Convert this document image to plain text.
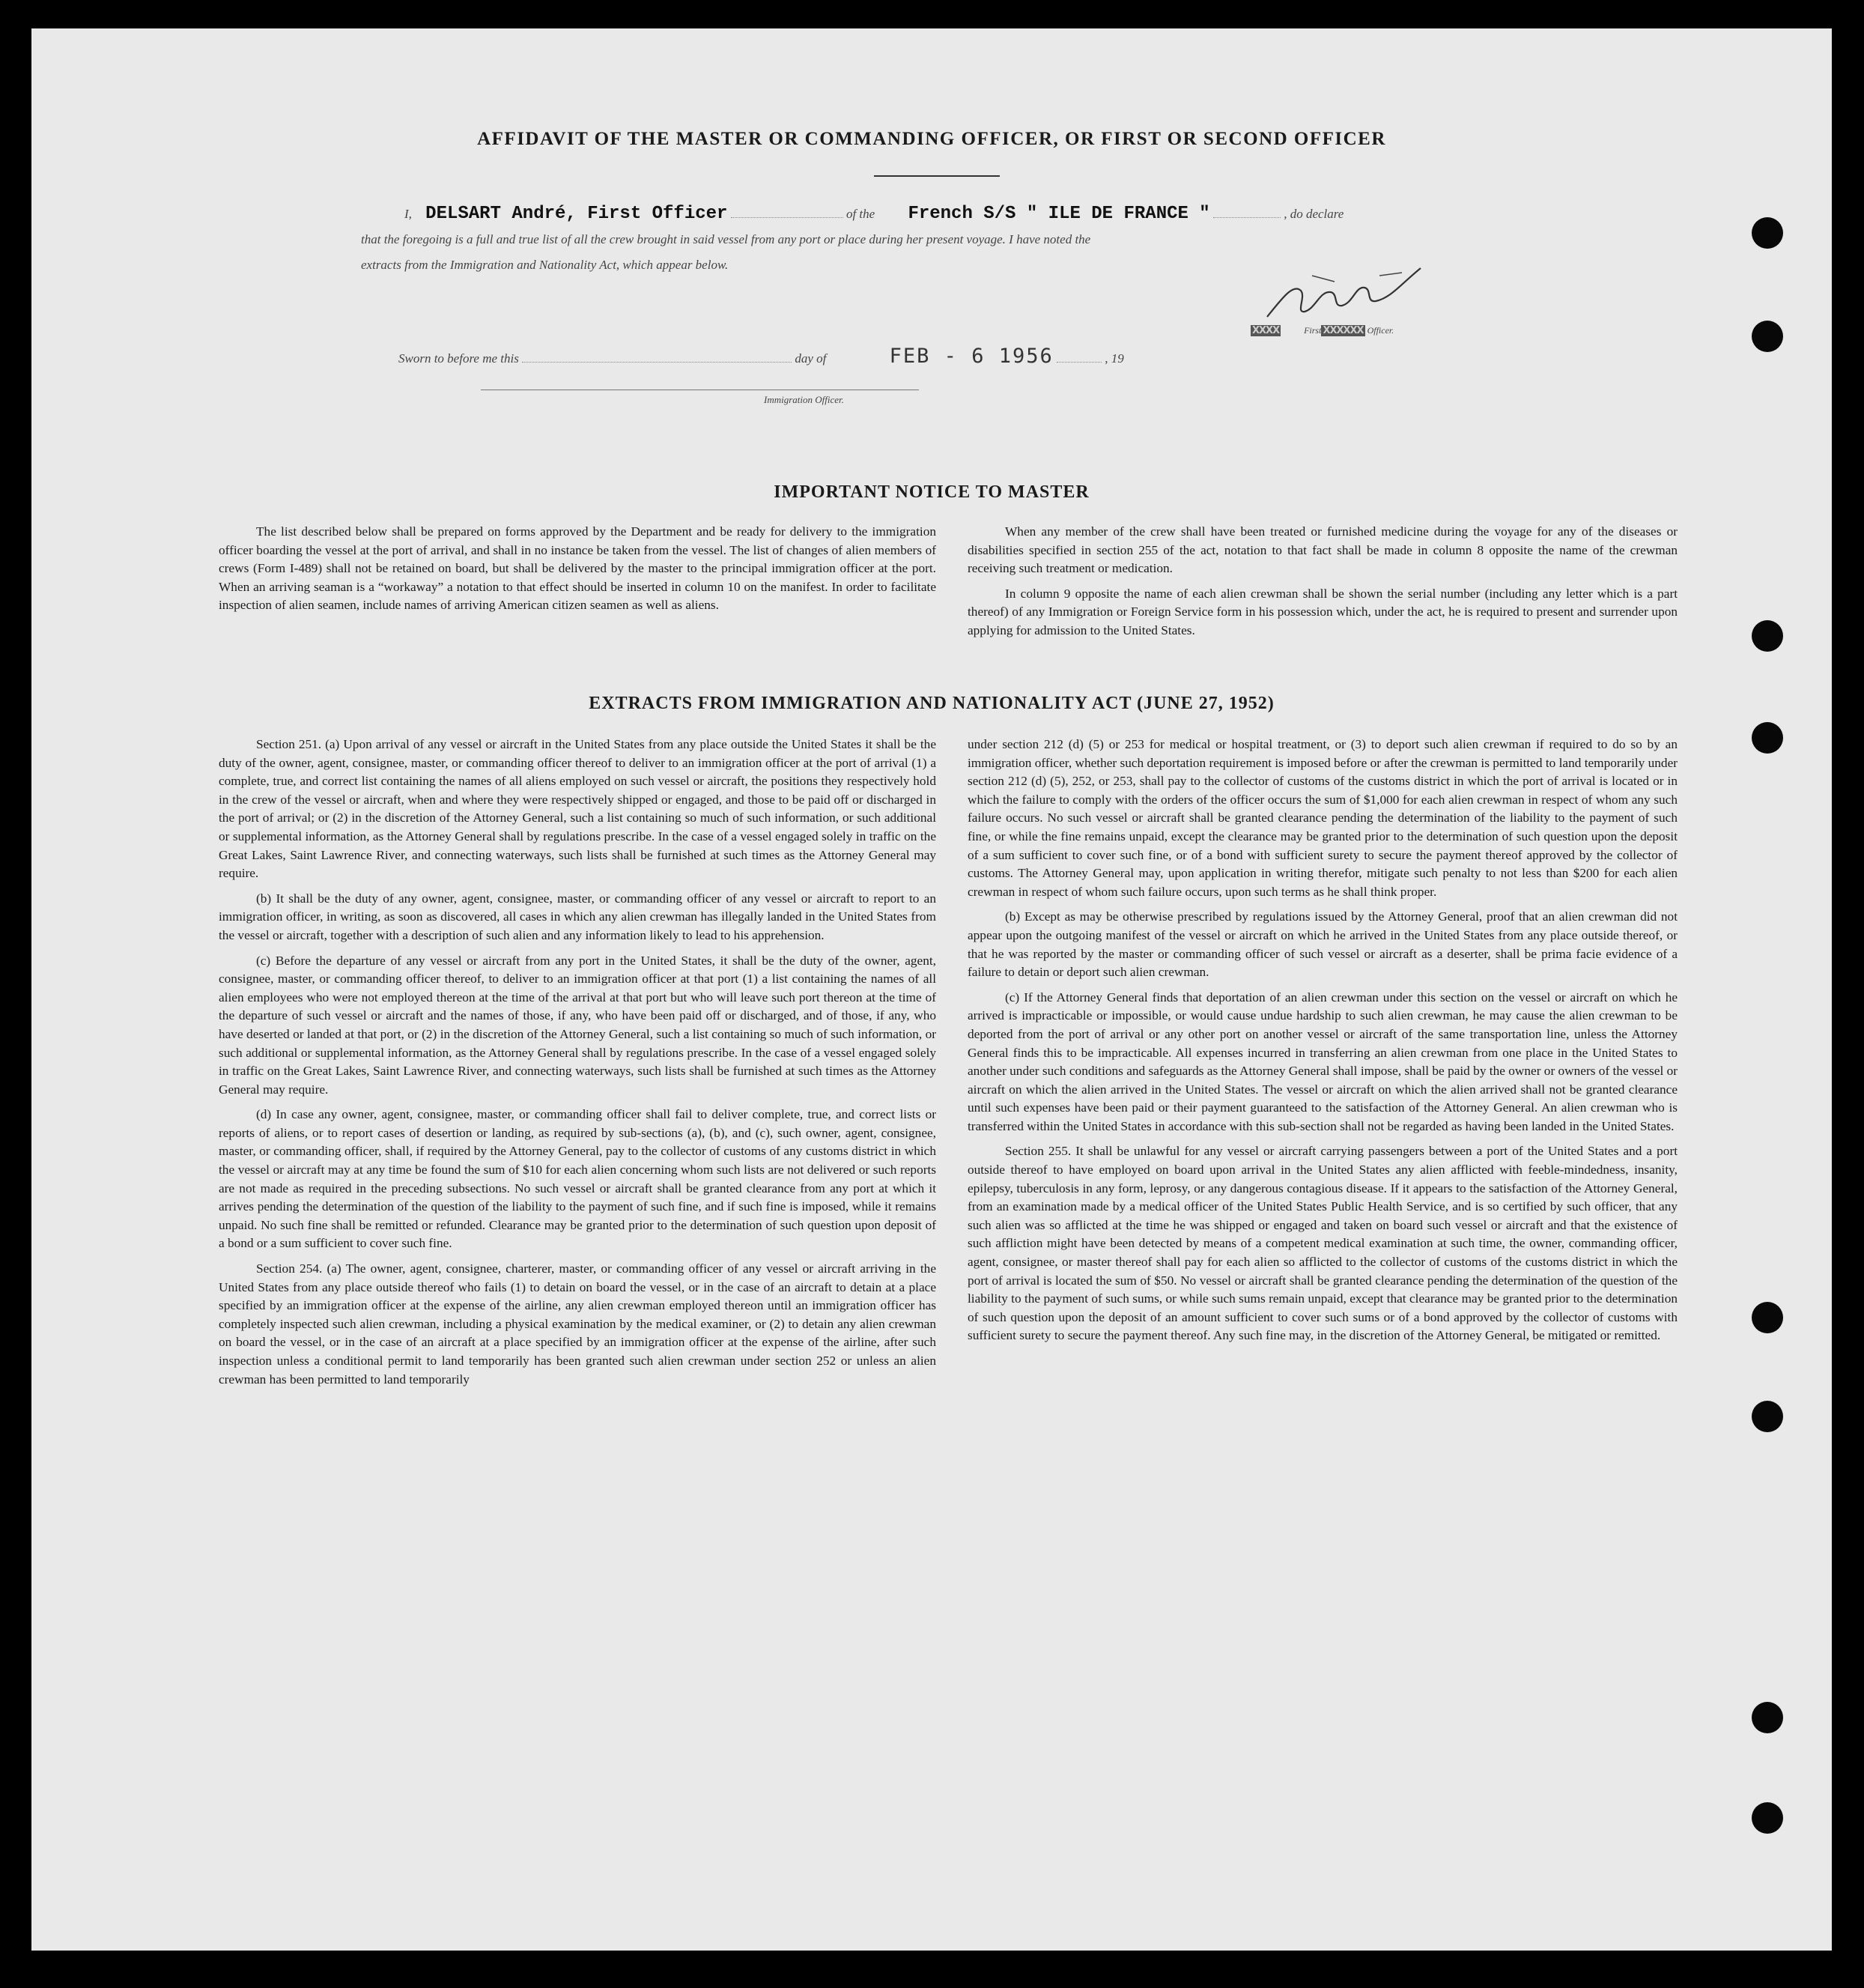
AFFIDAVIT OF THE MASTER OR COMMANDING OFFICER, OR FIRST OR SECOND OFFICER
I, DELSART André, First Officer	of the French S/S " ILE DE FRANCE "	, do declare
that the foregoing is a full and true list of all the crew brought in said vessel from any port or place during her present voyage. I have noted the
extracts from the Immigration and Nationality Act, which appear below.
XXXX	First XXXXXX Officer.
Sworn to before me this	day of	FEB - 6 1956	, 19
Immigration Officer.
IMPORTANT NOTICE TO MASTER

The list described below shall be prepared on forms approved by the Department and be ready for delivery to the immigration officer boarding the vessel at the port of arrival, and shall in no instance be taken from the vessel. The list of changes of alien members of crews (Form I-489) shall not be retained on board, but shall be delivered by the master to the principal immigration officer at the port. When an arriving seaman is a “workaway” a notation to that effect should be inserted in column 10 on the manifest. In order to facilitate inspection of alien seamen, include names of arriving American citizen seamen as well as aliens.

When any member of the crew shall have been treated or furnished medicine during the voyage for any of the diseases or disabilities specified in section 255 of the act, notation to that fact shall be made in column 8 opposite the name of the crewman receiving such treatment or medication.

In column 9 opposite the name of each alien crewman shall be shown the serial number (including any letter which is a part thereof) of any Immigration or Foreign Service form in his possession which, under the act, he is required to present and surrender upon applying for admission to the United States.

EXTRACTS FROM IMMIGRATION AND NATIONALITY ACT (JUNE 27, 1952)

Section 251. (a) Upon arrival of any vessel or aircraft in the United States from any place outside the United States it shall be the duty of the owner, agent, consignee, master, or commanding officer thereof to deliver to an immigration officer at the port of arrival (1) a complete, true, and correct list containing the names of all aliens employed on such vessel or aircraft, the positions they respectively hold in the crew of the vessel or aircraft, when and where they were respectively shipped or engaged, and those to be paid off or discharged in the port of arrival; or (2) in the discretion of the Attorney General, such a list containing so much of such information, or such additional or supplemental information, as the Attorney General shall by regulations prescribe. In the case of a vessel engaged solely in traffic on the Great Lakes, Saint Lawrence River, and connecting waterways, such lists shall be furnished at such times as the Attorney General may require.

(b) It shall be the duty of any owner, agent, consignee, master, or commanding officer of any vessel or aircraft to report to an immigration officer, in writing, as soon as discovered, all cases in which any alien crewman has illegally landed in the United States from the vessel or aircraft, together with a description of such alien and any information likely to lead to his apprehension.

(c) Before the departure of any vessel or aircraft from any port in the United States, it shall be the duty of the owner, agent, consignee, master, or commanding officer thereof, to deliver to an immigration officer at that port (1) a list containing the names of all alien employees who were not employed thereon at the time of the arrival at that port but who will leave such port thereon at the time of the departure of such vessel or aircraft and the names of those, if any, who have been paid off or discharged, and of those, if any, who have deserted or landed at that port, or (2) in the discretion of the Attorney General, such a list containing so much of such information, or such additional or supplemental information, as the Attorney General shall by regulations prescribe. In the case of a vessel engaged solely in traffic on the Great Lakes, Saint Lawrence River, and connecting waterways, such lists shall be furnished at such times as the Attorney General may require.

(d) In case any owner, agent, consignee, master, or commanding officer shall fail to deliver complete, true, and correct lists or reports of aliens, or to report cases of desertion or landing, as required by sub-sections (a), (b), and (c), such owner, agent, consignee, master, or commanding officer, shall, if required by the Attorney General, pay to the collector of customs of any customs district in which the vessel or aircraft may at any time be found the sum of $10 for each alien concerning whom such lists are not delivered or such reports are not made as required in the preceding subsections. No such vessel or aircraft shall be granted clearance from any port at which it arrives pending the determination of the question of the liability to the payment of such fine, and if such fine is imposed, while it remains unpaid. No such fine shall be remitted or refunded. Clearance may be granted prior to the determination of such question upon deposit of a bond or a sum sufficient to cover such fine.

Section 254. (a) The owner, agent, consignee, charterer, master, or commanding officer of any vessel or aircraft arriving in the United States from any place outside thereof who fails (1) to detain on board the vessel, or in the case of an aircraft to detain at a place specified by an immigration officer at the expense of the airline, any alien crewman employed thereon until an immigration officer has completely inspected such alien crewman, including a physical examination by the medical examiner, or (2) to detain any alien crewman on board the vessel, or in the case of an aircraft at a place specified by an immigration officer at the expense of the airline, after such inspection unless a conditional permit to land temporarily has been granted such alien crewman under section 252 or unless an alien crewman has been permitted to land temporarily

under section 212 (d) (5) or 253 for medical or hospital treatment, or (3) to deport such alien crewman if required to do so by an immigration officer, whether such deportation requirement is imposed before or after the crewman is permitted to land temporarily under section 212 (d) (5), 252, or 253, shall pay to the collector of customs of the customs district in which the port of arrival is located or in which the failure to comply with the orders of the officer occurs the sum of $1,000 for each alien crewman in respect of whom any such failure occurs. No such vessel or aircraft shall be granted clearance pending the determination of the liability to the payment of such fine, or while the fine remains unpaid, except the clearance may be granted prior to the determination of such question upon the deposit of a sum sufficient to cover such fine, or of a bond with sufficient surety to secure the payment thereof approved by the collector of customs. The Attorney General may, upon application in writing therefor, mitigate such penalty to not less than $200 for each alien crewman in respect of whom such failure occurs, upon such terms as he shall think proper.

(b) Except as may be otherwise prescribed by regulations issued by the Attorney General, proof that an alien crewman did not appear upon the outgoing manifest of the vessel or aircraft on which he arrived in the United States from any place outside thereof, or that he was reported by the master or commanding officer of such vessel or aircraft as a deserter, shall be prima facie evidence of a failure to detain or deport such alien crewman.

(c) If the Attorney General finds that deportation of an alien crewman under this section on the vessel or aircraft on which he arrived is impracticable or impossible, or would cause undue hardship to such alien crewman, he may cause the alien crewman to be deported from the port of arrival or any other port on another vessel or aircraft of the same transportation line, unless the Attorney General finds this to be impracticable. All expenses incurred in transferring an alien crewman from one place in the United States to another under such conditions and safeguards as the Attorney General shall impose, shall be paid by the owner or owners of the vessel or aircraft on which the alien arrived in the United States. The vessel or aircraft on which the alien arrived shall not be granted clearance until such expenses have been paid or their payment guaranteed to the satisfaction of the Attorney General. An alien crewman who is transferred within the United States in accordance with this sub-section shall not be regarded as having been landed in the United States.

Section 255. It shall be unlawful for any vessel or aircraft carrying passengers between a port of the United States and a port outside thereof to have employed on board upon arrival in the United States any alien afflicted with feeble-mindedness, insanity, epilepsy, tuberculosis in any form, leprosy, or any dangerous contagious disease. If it appears to the satisfaction of the Attorney General, from an examination made by a medical officer of the United States Public Health Service, and is so certified by such officer, that any such alien was so afflicted at the time he was shipped or engaged and taken on board such vessel or aircraft and that the existence of such affliction might have been detected by means of a competent medical examination at such time, the owner, commanding officer, agent, consignee, or master thereof shall pay for each alien so afflicted to the collector of customs of the customs district in which the port of arrival is located the sum of $50. No vessel or aircraft shall be granted clearance pending the determination of the question of the liability to the payment of such sums, or while such sums remain unpaid, except that clearance may be granted prior to the determination of such question upon the deposit of an amount sufficient to cover such sums or of a bond approved by the collector of customs with sufficient surety to secure the payment thereof. Any such fine may, in the discretion of the Attorney General, be mitigated or remitted.
